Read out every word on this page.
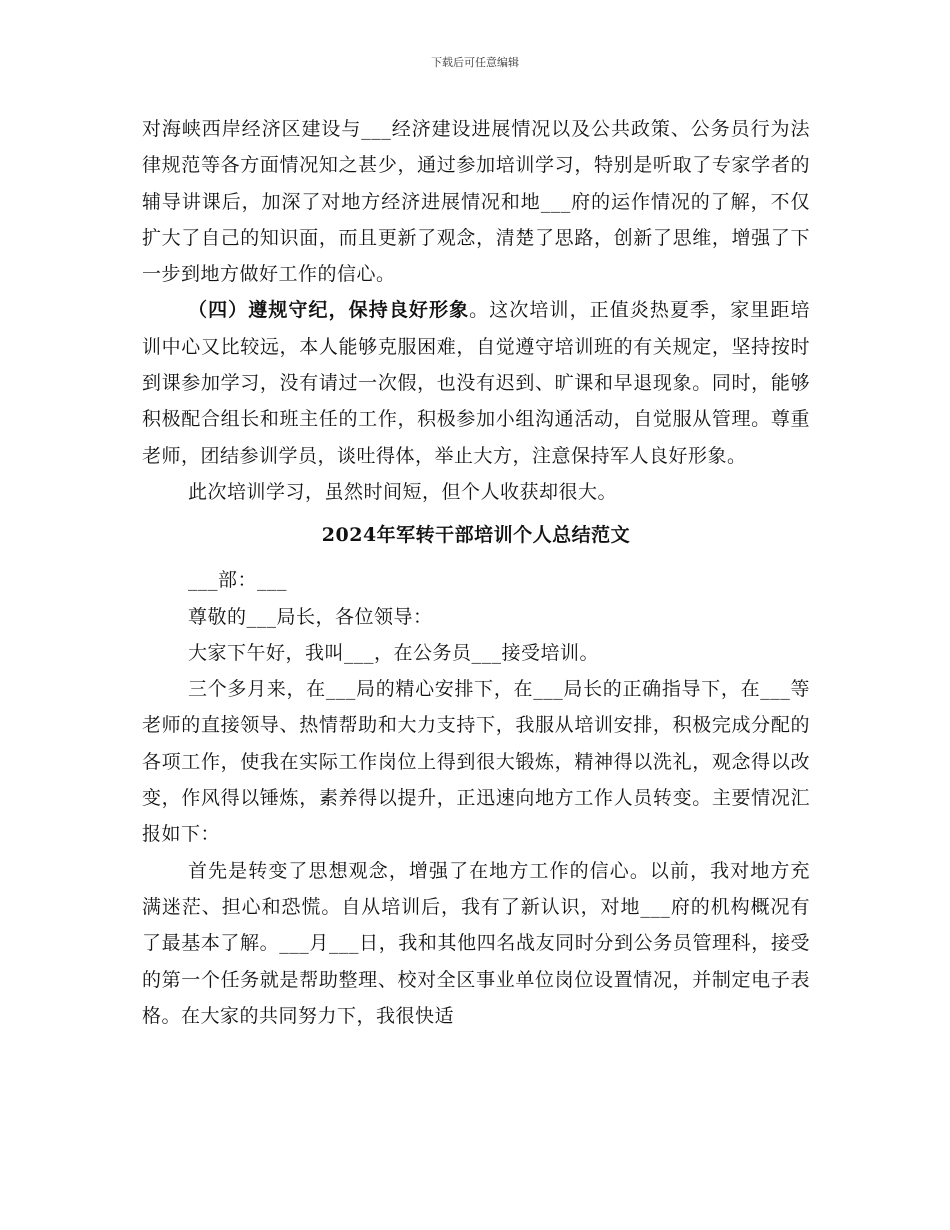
下载后可任意编辑

对海峡西岸经济区建设与___经济建设进展情况以及公共政策、公务员行为法律规范等各方面情况知之甚少，通过参加培训学习，特别是听取了专家学者的辅导讲课后，加深了对地方经济进展情况和地___府的运作情况的了解，不仅扩大了自己的知识面，而且更新了观念，清楚了思路，创新了思维，增强了下一步到地方做好工作的信心。

（四）遵规守纪，保持良好形象。这次培训，正值炎热夏季，家里距培训中心又比较远，本人能够克服困难，自觉遵守培训班的有关规定，坚持按时到课参加学习，没有请过一次假，也没有迟到、旷课和早退现象。同时，能够积极配合组长和班主任的工作，积极参加小组沟通活动，自觉服从管理。尊重老师，团结参训学员，谈吐得体，举止大方，注意保持军人良好形象。

此次培训学习，虽然时间短，但个人收获却很大。

2024年军转干部培训个人总结范文

___部：___

尊敬的___局长，各位领导：

大家下午好，我叫___，在公务员___接受培训。

三个多月来，在___局的精心安排下，在___局长的正确指导下，在___等老师的直接领导、热情帮助和大力支持下，我服从培训安排，积极完成分配的各项工作，使我在实际工作岗位上得到很大锻炼，精神得以洗礼，观念得以改变，作风得以锤炼，素养得以提升，正迅速向地方工作人员转变。主要情况汇报如下：

首先是转变了思想观念，增强了在地方工作的信心。以前，我对地方充满迷茫、担心和恐慌。自从培训后，我有了新认识，对地___府的机构概况有了最基本了解。___月___日，我和其他四名战友同时分到公务员管理科，接受的第一个任务就是帮助整理、校对全区事业单位岗位设置情况，并制定电子表格。在大家的共同努力下，我很快适
